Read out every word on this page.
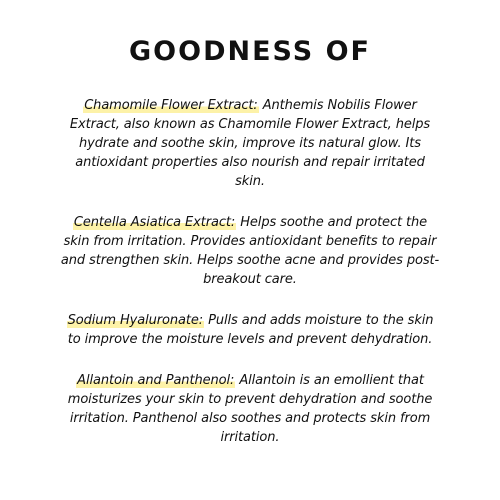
GOODNESS OF

Chamomile Flower Extract: Anthemis Nobilis Flower Extract, also known as Chamomile Flower Extract, helps hydrate and soothe skin, improve its natural glow. Its antioxidant properties also nourish and repair irritated skin.

Centella Asiatica Extract: Helps soothe and protect the skin from irritation. Provides antioxidant benefits to repair and strengthen skin. Helps soothe acne and provides post-breakout care.

Sodium Hyaluronate: Pulls and adds moisture to the skin to improve the moisture levels and prevent dehydration.

Allantoin and Panthenol: Allantoin is an emollient that moisturizes your skin to prevent dehydration and soothe irritation. Panthenol also soothes and protects skin from irritation.
